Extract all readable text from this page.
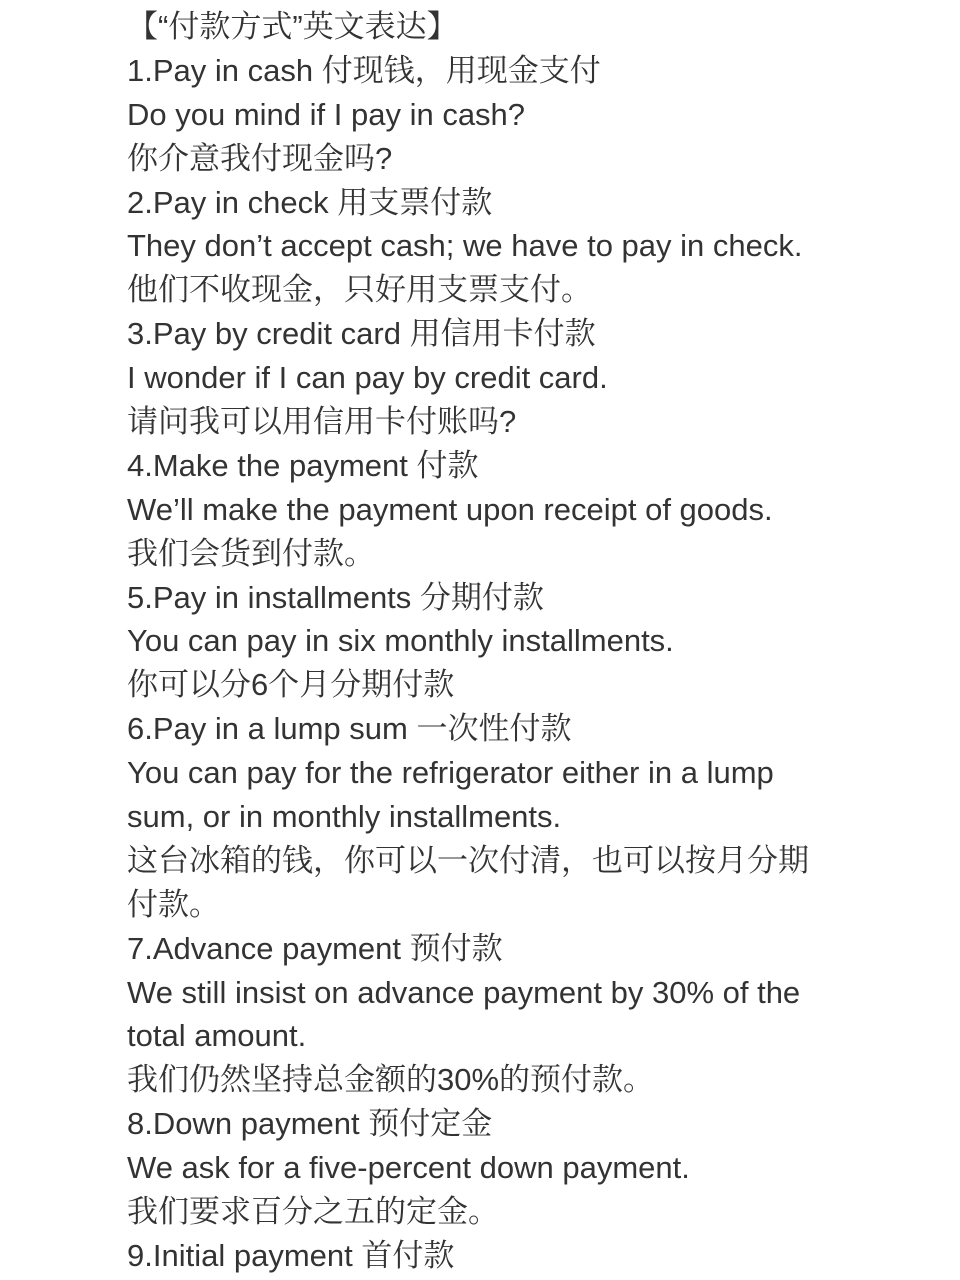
【“付款方式”英文表达】
1.Pay in cash 付现钱，用现金支付
Do you mind if I pay in cash?
你介意我付现金吗?
2.Pay in check 用支票付款
They don’t accept cash; we have to pay in check.
他们不收现金，只好用支票支付。
3.Pay by credit card 用信用卡付款
I wonder if I can pay by credit card.
请问我可以用信用卡付账吗?
4.Make the payment 付款
We’ll make the payment upon receipt of goods.
我们会货到付款。
5.Pay in installments 分期付款
You can pay in six monthly installments.
你可以分6个月分期付款
6.Pay in a lump sum 一次性付款
You can pay for the refrigerator either in a lump
sum, or in monthly installments.
这台冰箱的钱，你可以一次付清，也可以按月分期
付款。
7.Advance payment 预付款
We still insist on advance payment by 30% of the
total amount.
我们仍然坚持总金额的30%的预付款。
8.Down payment 预付定金
We ask for a five-percent down payment.
我们要求百分之五的定金。
9.Initial payment 首付款
